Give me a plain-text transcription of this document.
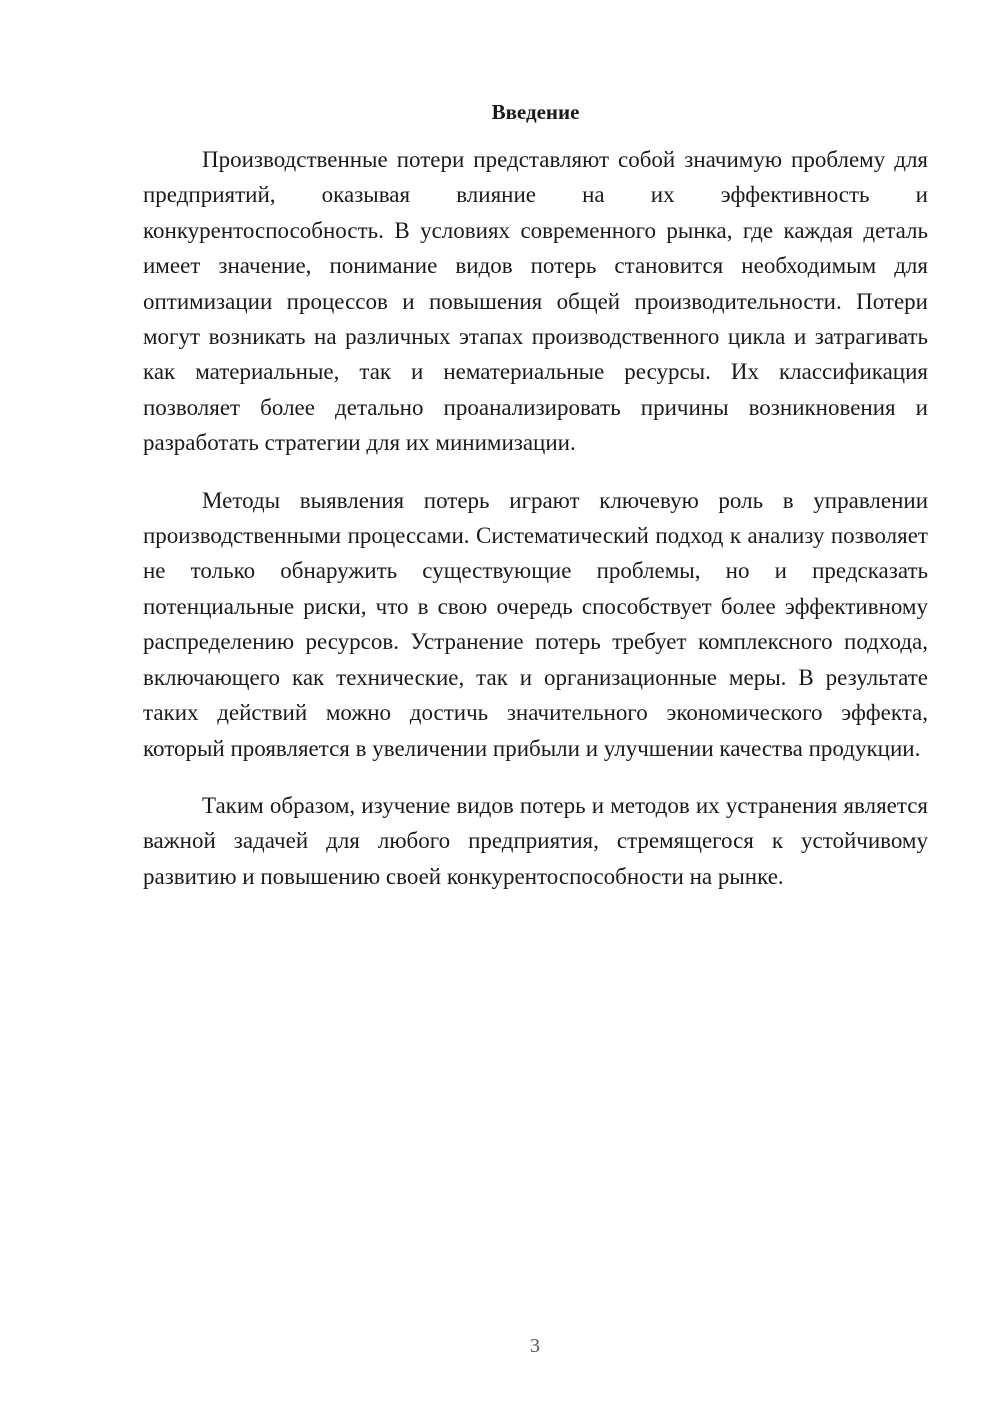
Введение

Производственные потери представляют собой значимую проблему для предприятий, оказывая влияние на их эффективность и конкурентоспособность. В условиях современного рынка, где каждая деталь имеет значение, понимание видов потерь становится необходимым для оптимизации процессов и повышения общей производительности. Потери могут возникать на различных этапах производственного цикла и затрагивать как материальные, так и нематериальные ресурсы. Их классификация позволяет более детально проанализировать причины возникновения и разработать стратегии для их минимизации.

Методы выявления потерь играют ключевую роль в управлении производственными процессами. Систематический подход к анализу позволяет не только обнаружить существующие проблемы, но и предсказать потенциальные риски, что в свою очередь способствует более эффективному распределению ресурсов. Устранение потерь требует комплексного подхода, включающего как технические, так и организационные меры. В результате таких действий можно достичь значительного экономического эффекта, который проявляется в увеличении прибыли и улучшении качества продукции.

Таким образом, изучение видов потерь и методов их устранения является важной задачей для любого предприятия, стремящегося к устойчивому развитию и повышению своей конкурентоспособности на рынке.

3
